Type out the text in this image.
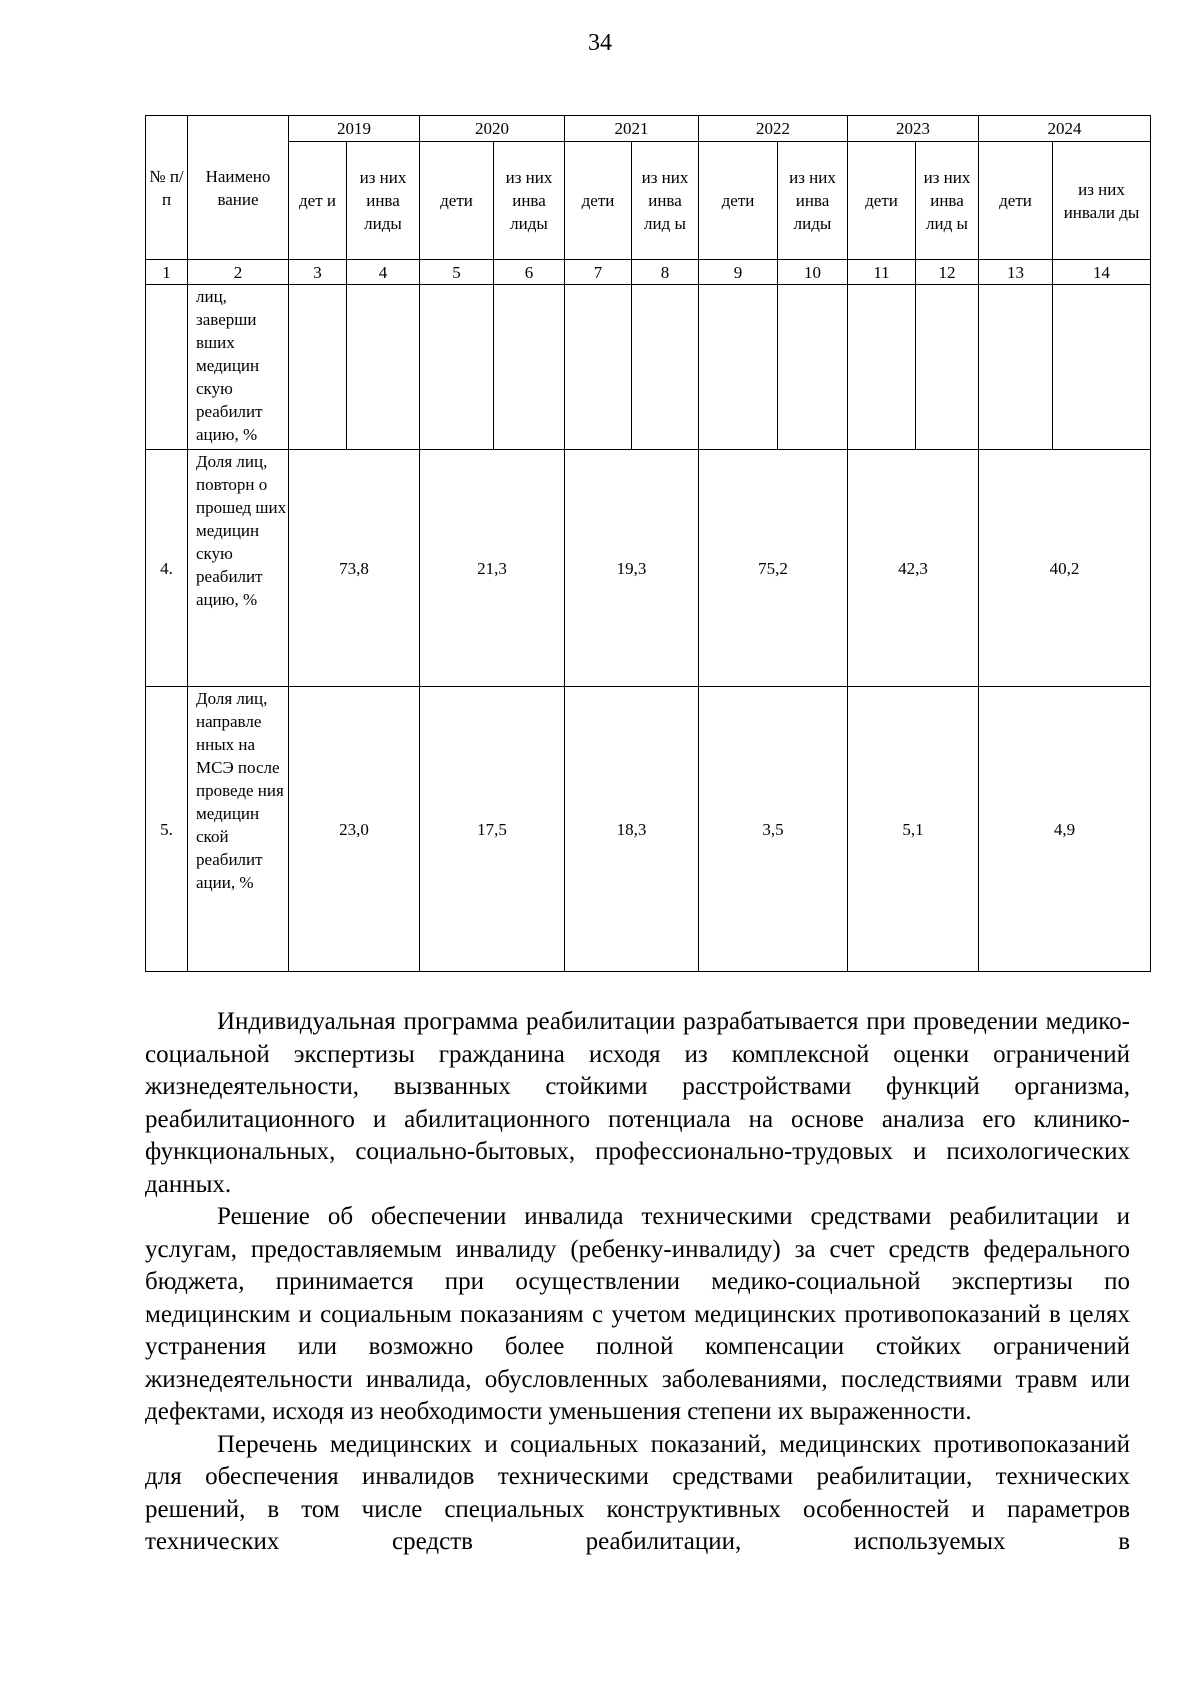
34
№ п/п	Наимено вание	2019		2020		2021		2022		2023		2024	
		дет и	из них инва лиды	дети	из них инва лиды	дети	из них инва лид ы	дети	из них инва лиды	дети	из них инва лид ы	дети	из них инвали ды
1	2	3	4	5	6	7	8	9	10	11	12	13	14
	лиц, заверши вших медицин скую реабилит ацию, %												
4.	Доля лиц, повторн о прошед ших медицин скую реабилит ацию, %	73,8		21,3		19,3		75,2		42,3		40,2	
5.	Доля лиц, направле нных на МСЭ после проведе ния медицин ской реабилит ации, %	23,0		17,5		18,3		3,5		5,1		4,9	

Индивидуальная программа реабилитации разрабатывается при проведении медико-социальной экспертизы гражданина исходя из комплексной оценки ограничений жизнедеятельности, вызванных стойкими расстройствами функций организма, реабилитационного и абилитационного потенциала на основе анализа его клинико-функциональных, социально-бытовых, профессионально-трудовых и психологических данных.

Решение об обеспечении инвалида техническими средствами реабилитации и услугам, предоставляемым инвалиду (ребенку-инвалиду) за счет средств федерального бюджета, принимается при осуществлении медико-социальной экспертизы по медицинским и социальным показаниям с учетом медицинских противопоказаний в целях устранения или возможно более полной компенсации стойких ограничений жизнедеятельности инвалида, обусловленных заболеваниями, последствиями травм или дефектами, исходя из необходимости уменьшения степени их выраженности.

Перечень медицинских и социальных показаний, медицинских противопоказаний для обеспечения инвалидов техническими средствами реабилитации, технических решений, в том числе специальных конструктивных особенностей и параметров технических средств реабилитации, используемых в
